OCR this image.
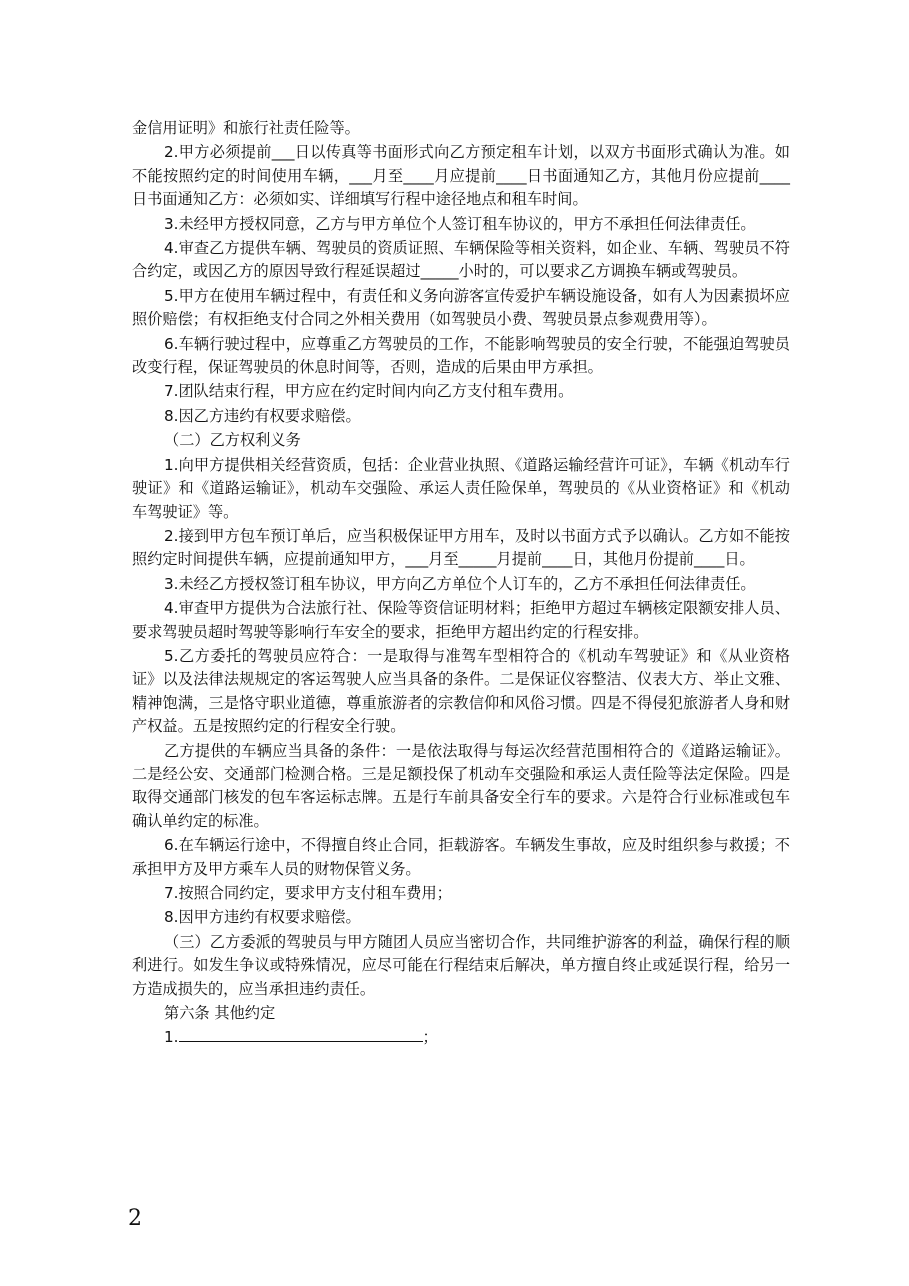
金信用证明》和旅行社责任险等。

2.甲方必须提前___日以传真等书面形式向乙方预定租车计划，以双方书面形式确认为准。如不能按照约定的时间使用车辆，___月至____月应提前____日书面通知乙方，其他月份应提前____日书面通知乙方：必须如实、详细填写行程中途径地点和租车时间。

3.未经甲方授权同意，乙方与甲方单位个人签订租车协议的，甲方不承担任何法律责任。

4.审查乙方提供车辆、驾驶员的资质证照、车辆保险等相关资料，如企业、车辆、驾驶员不符合约定，或因乙方的原因导致行程延误超过_____小时的，可以要求乙方调换车辆或驾驶员。

5.甲方在使用车辆过程中，有责任和义务向游客宣传爱护车辆设施设备，如有人为因素损坏应照价赔偿；有权拒绝支付合同之外相关费用（如驾驶员小费、驾驶员景点参观费用等）。

6.车辆行驶过程中，应尊重乙方驾驶员的工作，不能影响驾驶员的安全行驶，不能强迫驾驶员改变行程，保证驾驶员的休息时间等，否则，造成的后果由甲方承担。

7.团队结束行程，甲方应在约定时间内向乙方支付租车费用。

8.因乙方违约有权要求赔偿。

（二）乙方权利义务

1.向甲方提供相关经营资质，包括：企业营业执照、《道路运输经营许可证》，车辆《机动车行驶证》和《道路运输证》，机动车交强险、承运人责任险保单，驾驶员的《从业资格证》和《机动车驾驶证》等。

2.接到甲方包车预订单后，应当积极保证甲方用车，及时以书面方式予以确认。乙方如不能按照约定时间提供车辆，应提前通知甲方，___月至_____月提前____日，其他月份提前____日。

3.未经乙方授权签订租车协议，甲方向乙方单位个人订车的，乙方不承担任何法律责任。

4.审查甲方提供为合法旅行社、保险等资信证明材料；拒绝甲方超过车辆核定限额安排人员、要求驾驶员超时驾驶等影响行车安全的要求，拒绝甲方超出约定的行程安排。

5.乙方委托的驾驶员应符合：一是取得与准驾车型相符合的《机动车驾驶证》和《从业资格证》以及法律法规规定的客运驾驶人应当具备的条件。二是保证仪容整洁、仪表大方、举止文雅、精神饱满，三是恪守职业道德，尊重旅游者的宗教信仰和风俗习惯。四是不得侵犯旅游者人身和财产权益。五是按照约定的行程安全行驶。

乙方提供的车辆应当具备的条件：一是依法取得与每运次经营范围相符合的《道路运输证》。二是经公安、交通部门检测合格。三是足额投保了机动车交强险和承运人责任险等法定保险。四是取得交通部门核发的包车客运标志牌。五是行车前具备安全行车的要求。六是符合行业标准或包车确认单约定的标准。

6.在车辆运行途中，不得擅自终止合同，拒载游客。车辆发生事故，应及时组织参与救援；不承担甲方及甲方乘车人员的财物保管义务。

7.按照合同约定，要求甲方支付租车费用；

8.因甲方违约有权要求赔偿。

（三）乙方委派的驾驶员与甲方随团人员应当密切合作，共同维护游客的利益，确保行程的顺利进行。如发生争议或特殊情况，应尽可能在行程结束后解决，单方擅自终止或延误行程，给另一方造成损失的，应当承担违约责任。

第六条 其他约定

1.	；

2
